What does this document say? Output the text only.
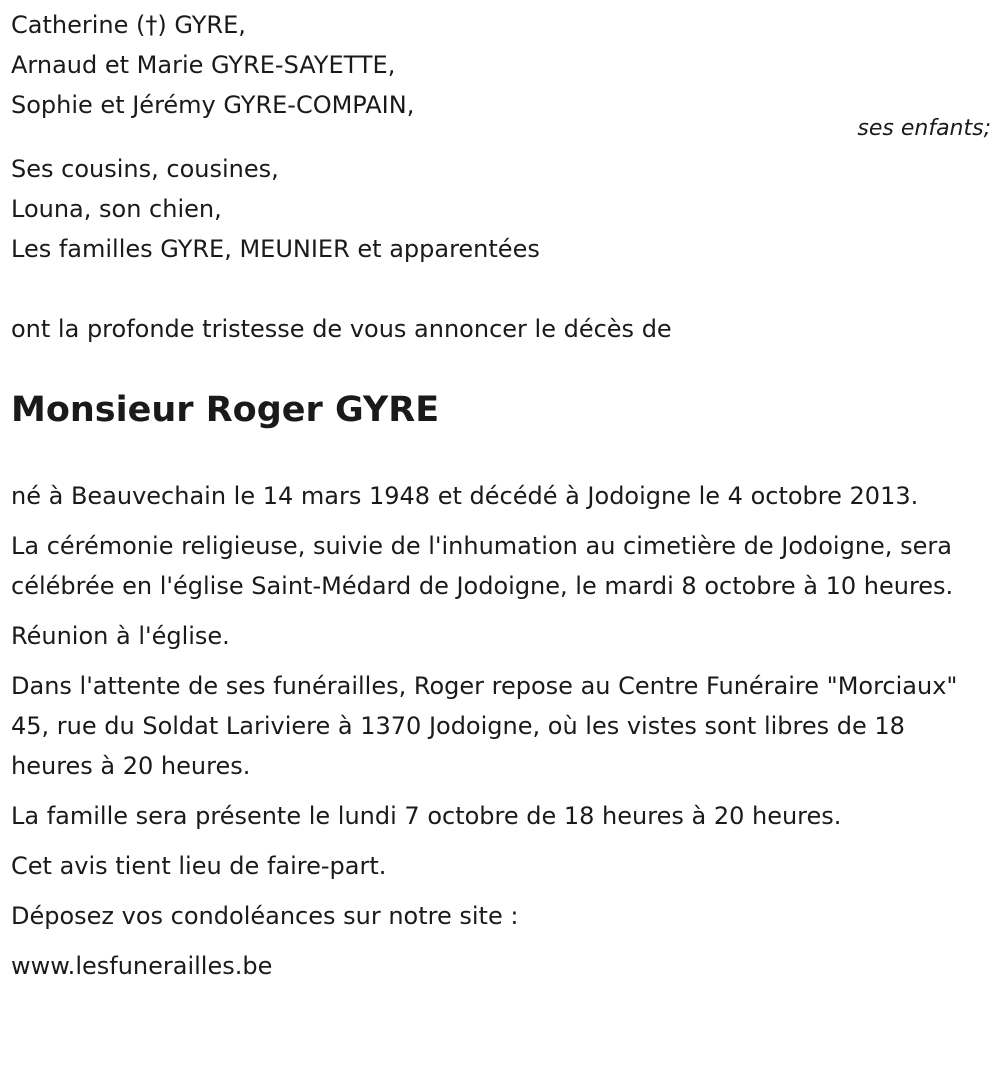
Catherine (†) GYRE,
Arnaud et Marie GYRE-SAYETTE,
Sophie et Jérémy GYRE-COMPAIN,
ses enfants;
Ses cousins, cousines,
Louna, son chien,
Les familles GYRE, MEUNIER et apparentées
ont la profonde tristesse de vous annoncer le décès de
Monsieur Roger GYRE

né à Beauvechain le 14 mars 1948 et décédé à Jodoigne le 4 octobre 2013.

La cérémonie religieuse, suivie de l'inhumation au cimetière de Jodoigne, sera célébrée en l'église Saint-Médard de Jodoigne, le mardi 8 octobre à 10 heures.

Réunion à l'église.

Dans l'attente de ses funérailles, Roger repose au Centre Funéraire "Morciaux" 45, rue du Soldat Lariviere à 1370 Jodoigne, où les vistes sont libres de 18 heures à 20 heures.

La famille sera présente le lundi 7 octobre de 18 heures à 20 heures.

Cet avis tient lieu de faire-part.

Déposez vos condoléances sur notre site :

www.lesfunerailles.be
